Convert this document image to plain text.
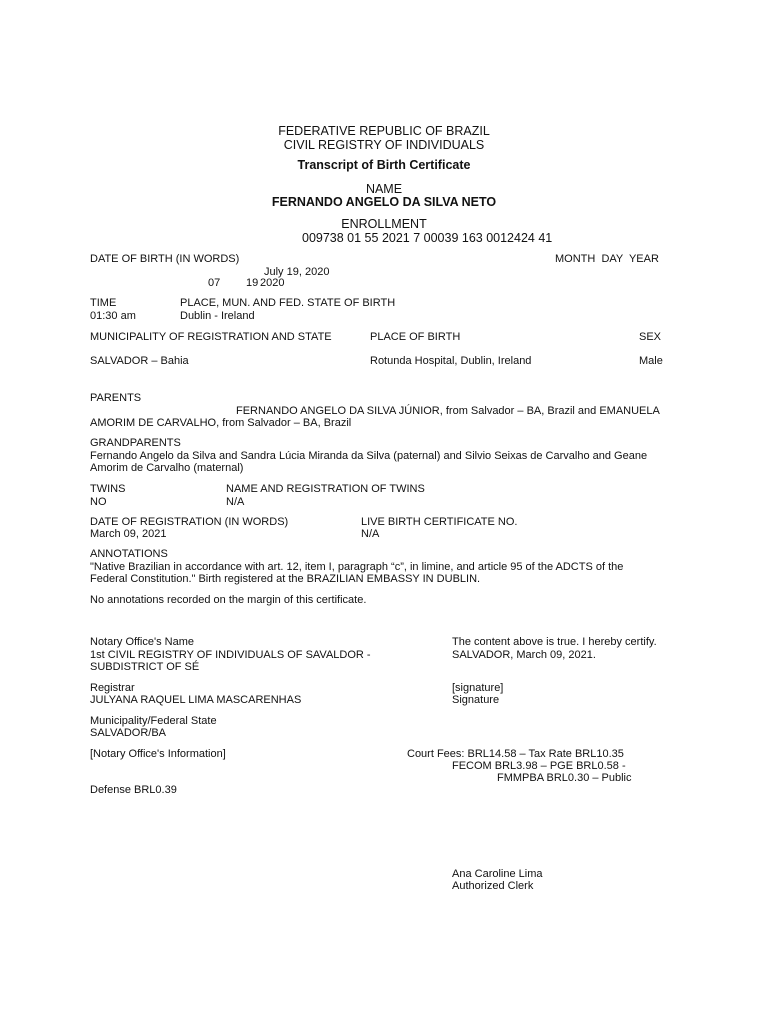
FEDERATIVE REPUBLIC OF BRAZIL
CIVIL REGISTRY OF INDIVIDUALS
Transcript of Birth Certificate
NAME
FERNANDO ANGELO DA SILVA NETO
ENROLLMENT
009738 01 55 2021 7 00039 163 0012424 41
DATE OF BIRTH (IN WORDS)	MONTH  DAY  YEAR
July 19, 2020
07 19 2020
TIME	PLACE, MUN. AND FED. STATE OF BIRTH
01:30 am	Dublin - Ireland
MUNICIPALITY OF REGISTRATION AND STATE	PLACE OF BIRTH	SEX
SALVADOR – Bahia	Rotunda Hospital, Dublin, Ireland	Male
PARENTS
FERNANDO ANGELO DA SILVA JÚNIOR, from Salvador – BA, Brazil and EMANUELA
AMORIM DE CARVALHO, from Salvador – BA, Brazil
GRANDPARENTS
Fernando Angelo da Silva and Sandra Lúcia Miranda da Silva (paternal) and Silvio Seixas de Carvalho and Geane
Amorim de Carvalho (maternal)
TWINS	NAME AND REGISTRATION OF TWINS
NO	N/A
DATE OF REGISTRATION (IN WORDS)	LIVE BIRTH CERTIFICATE NO.
March 09, 2021	N/A
ANNOTATIONS
"Native Brazilian in accordance with art. 12, item I, paragraph “c”, in limine, and article 95 of the ADCTS of the
Federal Constitution." Birth registered at the BRAZILIAN EMBASSY IN DUBLIN.
No annotations recorded on the margin of this certificate.
Notary Office's Name
1st CIVIL REGISTRY OF INDIVIDUALS OF SAVALDOR -
SUBDISTRICT OF SÉ
The content above is true. I hereby certify.
SALVADOR, March 09, 2021.
Registrar
JULYANA RAQUEL LIMA MASCARENHAS
[signature]
Signature
Municipality/Federal State
SALVADOR/BA
[Notary Office's Information]	Court Fees: BRL14.58 – Tax Rate BRL10.35
FECOM BRL3.98 – PGE BRL0.58 -
FMMPBA BRL0.30 – Public
Defense BRL0.39
Ana Caroline Lima
Authorized Clerk
